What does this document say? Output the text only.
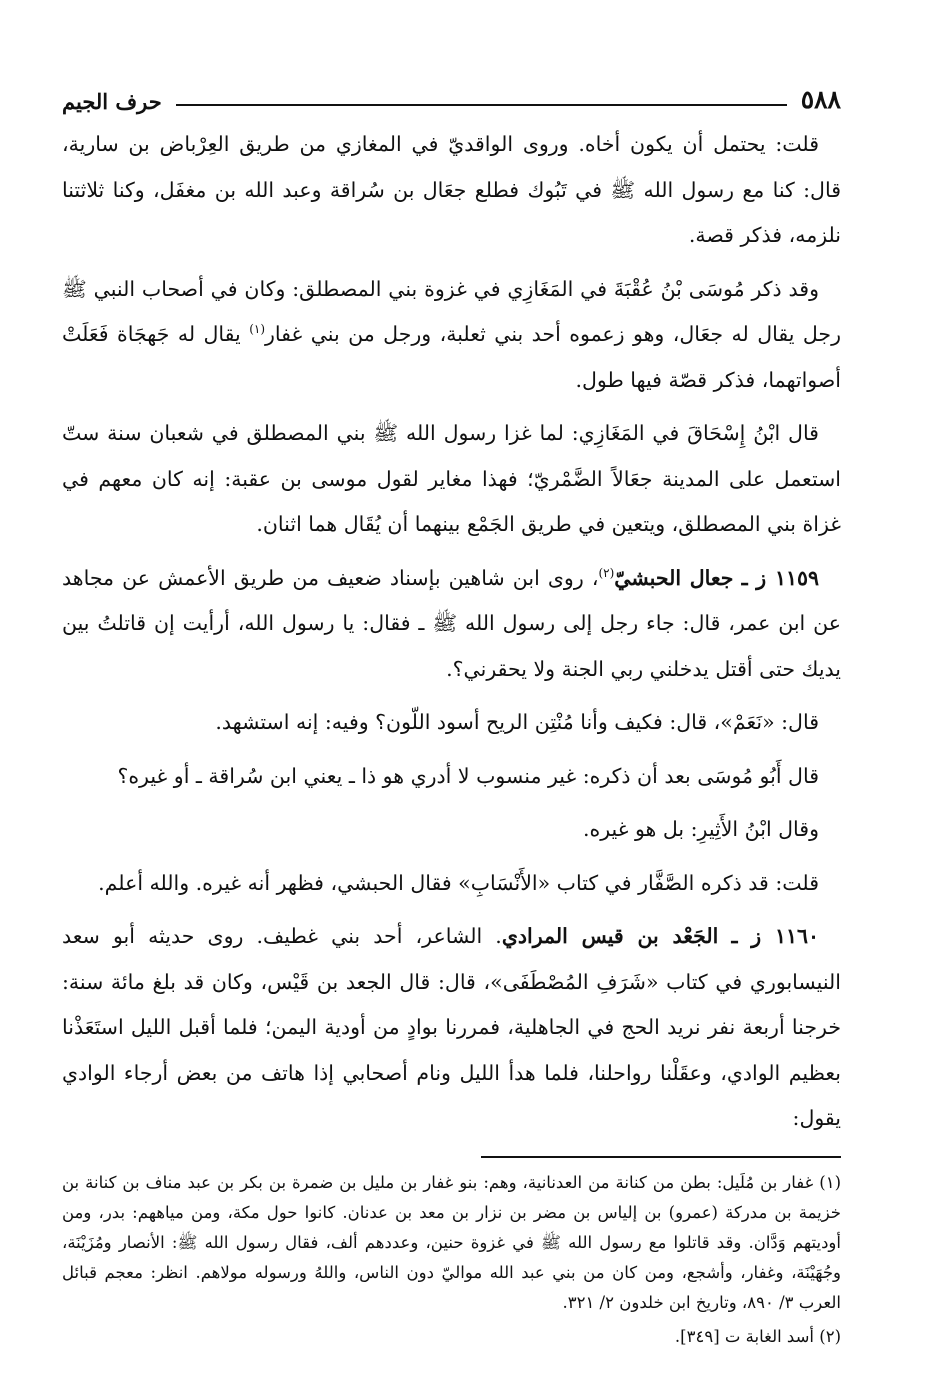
٥٨٨
حرف الجيم

قلت: يحتمل أن يكون أخاه. وروى الواقديّ في المغازي من طريق العِرْباض بن سارية، قال: كنا مع رسول الله ﷺ في تَبُوك فطلع جعَال بن سُراقة وعبد الله بن مغفَل، وكنا ثلاثتنا نلزمه، فذكر قصة.

وقد ذكر مُوسَى بْنُ عُقْبَةَ في المَغَازِي في غزوة بني المصطلق: وكان في أصحاب النبي ﷺ رجل يقال له جعَال، وهو زعموه أحد بني ثعلبة، ورجل من بني غفار$^{(١)}$ يقال له جَهجَاة فَعَلَتْ أصواتهما، فذكر قصّة فيها طول.

قال ابْنُ إِسْحَاقَ في المَغَازِي: لما غزا رسول الله ﷺ بني المصطلق في شعبان سنة ستّ استعمل على المدينة جعَالاً الضَّمْريّ؛ فهذا مغاير لقول موسى بن عقبة: إنه كان معهم في غزاة بني المصطلق، ويتعين في طريق الجَمْع بينهما أن يُقَال هما اثنان.

١١٥٩ ز ـ جعال الحبشيّ$^{(٢)}$، روى ابن شاهين بإسناد ضعيف من طريق الأعمش عن مجاهد عن ابن عمر، قال: جاء رجل إلى رسول الله ﷺ ـ فقال: يا رسول الله، أرأيت إن قاتلتُ بين يديك حتى أقتل يدخلني ربي الجنة ولا يحقرني؟.

قال: «نَعَمْ»، قال: فكيف وأنا مُنْتِن الريح أسود اللّون؟ وفيه: إنه استشهد.

قال أَبُو مُوسَى بعد أن ذكره: غير منسوب لا أدري هو ذا ـ يعني ابن سُراقة ـ أو غيره؟

وقال ابْنُ الأَثِيرِ: بل هو غيره.

قلت: قد ذكره الصَّفَّار في كتاب «الأَنْسَابِ» فقال الحبشي، فظهر أنه غيره. والله أعلم.

١١٦٠ ز ـ الجَعْد بن قيس المرادي. الشاعر، أحد بني غطيف. روى حديثه أبو سعد النيسابوري في كتاب «شَرَفِ المُصْطَفَى»، قال: قال الجعد بن قَيْس، وكان قد بلغ مائة سنة: خرجنا أربعة نفر نريد الحج في الجاهلية، فمررنا بوادٍ من أودية اليمن؛ فلما أقبل الليل استَعَذْنا بعظيم الوادي، وعقَلْنا رواحلنا، فلما هدأ الليل ونام أصحابي إذا هاتف من بعض أرجاء الوادي يقول:

(١) غفار بن مُلَيل: بطن من كنانة من العدنانية، وهم: بنو غفار بن مليل بن ضمرة بن بكر بن عبد مناف بن كنانة بن خزيمة بن مدركة (عمرو) بن إلياس بن مضر بن نزار بن معد بن عدنان. كانوا حول مكة، ومن مياههم: بدر، ومن أوديتهم وَدَّان. وقد قاتلوا مع رسول الله ﷺ في غزوة حنين، وعددهم ألف، فقال رسول الله ﷺ: الأنصار ومُزَيْنَة، وجُهَيْنَة، وغفار، وأشجع، ومن كان من بني عبد الله مواليّ دون الناس، واللهُ ورسوله مولاهم. انظر: معجم قبائل العرب ٣/ ٨٩٠، وتاريخ ابن خلدون ٢/ ٣٢١.

(٢) أسد الغابة ت [٣٤٩].
